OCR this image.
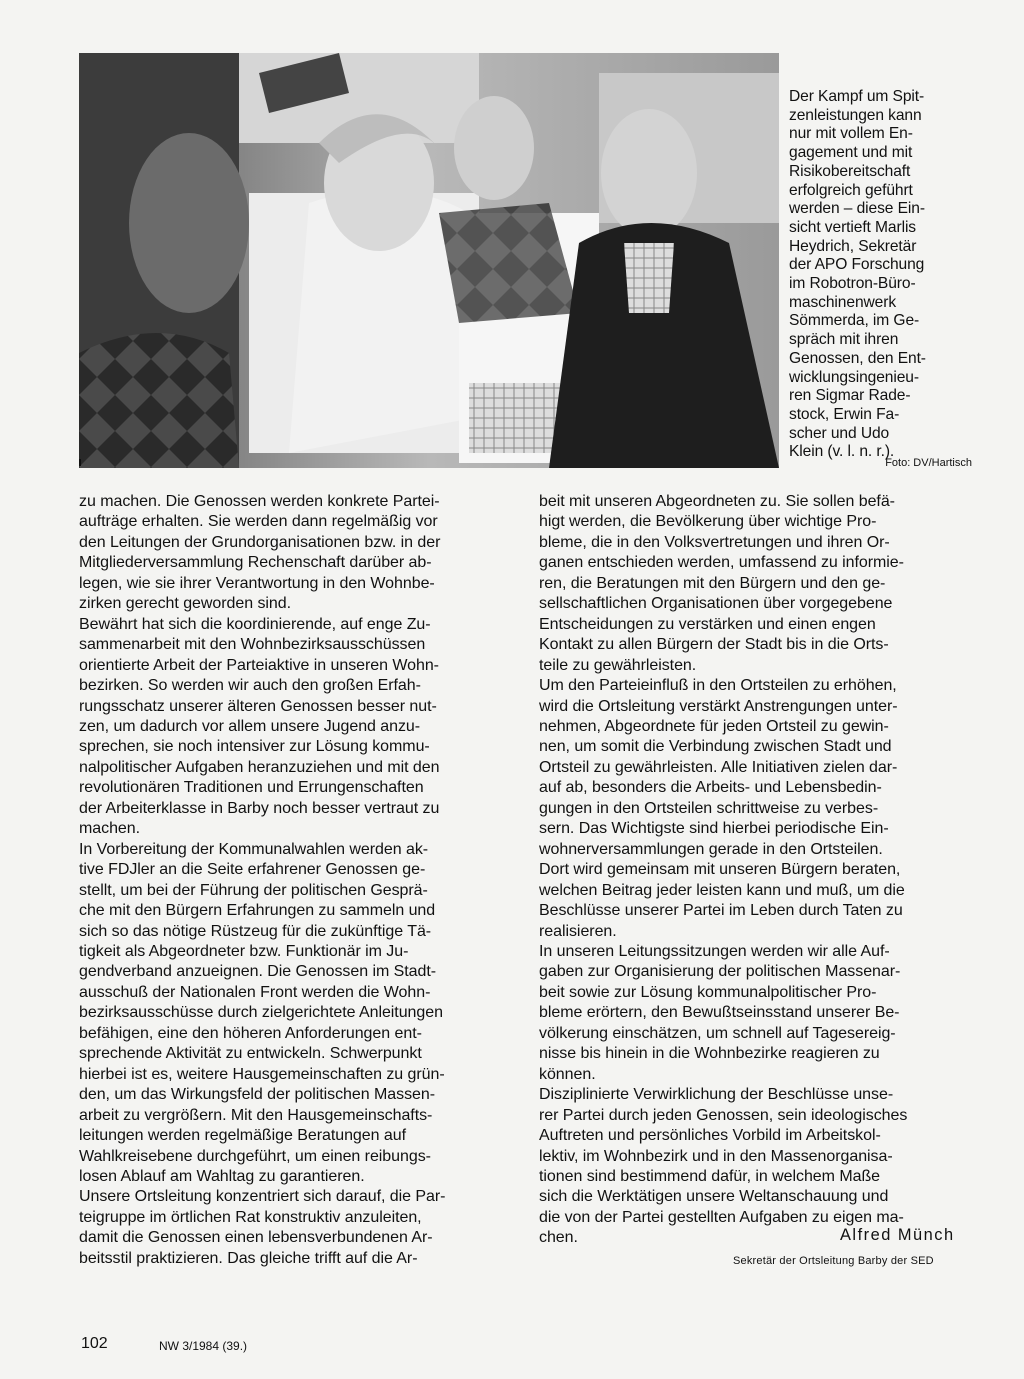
Der Kampf um Spit-
zenleistungen kann
nur mit vollem En-
gagement und mit
Risikobereitschaft
erfolgreich geführt
werden – diese Ein-
sicht vertieft Marlis
Heydrich, Sekretär
der APO Forschung
im Robotron-Büro-
maschinenwerk
Sömmerda, im Ge-
spräch mit ihren
Genossen, den Ent-
wicklungsingenieu-
ren Sigmar Rade-
stock, Erwin Fa-
scher und Udo
Klein (v. l. n. r.).
Foto: DV/Hartisch
zu machen. Die Genossen werden konkrete Partei-
aufträge erhalten. Sie werden dann regelmäßig vor
den Leitungen der Grundorganisationen bzw. in der
Mitgliederversammlung Rechenschaft darüber ab-
legen, wie sie ihrer Verantwortung in den Wohnbe-
zirken gerecht geworden sind.
Bewährt hat sich die koordinierende, auf enge Zu-
sammenarbeit mit den Wohnbezirksausschüssen
orientierte Arbeit der Parteiaktive in unseren Wohn-
bezirken. So werden wir auch den großen Erfah-
rungsschatz unserer älteren Genossen besser nut-
zen, um dadurch vor allem unsere Jugend anzu-
sprechen, sie noch intensiver zur Lösung kommu-
nalpolitischer Aufgaben heranzuziehen und mit den
revolutionären Traditionen und Errungenschaften
der Arbeiterklasse in Barby noch besser vertraut zu
machen.
In Vorbereitung der Kommunalwahlen werden ak-
tive FDJler an die Seite erfahrener Genossen ge-
stellt, um bei der Führung der politischen Gesprä-
che mit den Bürgern Erfahrungen zu sammeln und
sich so das nötige Rüstzeug für die zukünftige Tä-
tigkeit als Abgeordneter bzw. Funktionär im Ju-
gendverband anzueignen. Die Genossen im Stadt-
ausschuß der Nationalen Front werden die Wohn-
bezirksausschüsse durch zielgerichtete Anleitungen
befähigen, eine den höheren Anforderungen ent-
sprechende Aktivität zu entwickeln. Schwerpunkt
hierbei ist es, weitere Hausgemeinschaften zu grün-
den, um das Wirkungsfeld der politischen Massen-
arbeit zu vergrößern. Mit den Hausgemeinschafts-
leitungen werden regelmäßige Beratungen auf
Wahlkreisebene durchgeführt, um einen reibungs-
losen Ablauf am Wahltag zu garantieren.
Unsere Ortsleitung konzentriert sich darauf, die Par-
teigruppe im örtlichen Rat konstruktiv anzuleiten,
damit die Genossen einen lebensverbundenen Ar-
beitsstil praktizieren. Das gleiche trifft auf die Ar-
beit mit unseren Abgeordneten zu. Sie sollen befä-
higt werden, die Bevölkerung über wichtige Pro-
bleme, die in den Volksvertretungen und ihren Or-
ganen entschieden werden, umfassend zu informie-
ren, die Beratungen mit den Bürgern und den ge-
sellschaftlichen Organisationen über vorgegebene
Entscheidungen zu verstärken und einen engen
Kontakt zu allen Bürgern der Stadt bis in die Orts-
teile zu gewährleisten.
Um den Parteieinfluß in den Ortsteilen zu erhöhen,
wird die Ortsleitung verstärkt Anstrengungen unter-
nehmen, Abgeordnete für jeden Ortsteil zu gewin-
nen, um somit die Verbindung zwischen Stadt und
Ortsteil zu gewährleisten. Alle Initiativen zielen dar-
auf ab, besonders die Arbeits- und Lebensbedin-
gungen in den Ortsteilen schrittweise zu verbes-
sern. Das Wichtigste sind hierbei periodische Ein-
wohnerversammlungen gerade in den Ortsteilen.
Dort wird gemeinsam mit unseren Bürgern beraten,
welchen Beitrag jeder leisten kann und muß, um die
Beschlüsse unserer Partei im Leben durch Taten zu
realisieren.
In unseren Leitungssitzungen werden wir alle Auf-
gaben zur Organisierung der politischen Massenar-
beit sowie zur Lösung kommunalpolitischer Pro-
bleme erörtern, den Bewußtseinsstand unserer Be-
völkerung einschätzen, um schnell auf Tagesereig-
nisse bis hinein in die Wohnbezirke reagieren zu
können.
Disziplinierte Verwirklichung der Beschlüsse unse-
rer Partei durch jeden Genossen, sein ideologisches
Auftreten und persönliches Vorbild im Arbeitskol-
lektiv, im Wohnbezirk und in den Massenorganisa-
tionen sind bestimmend dafür, in welchem Maße
sich die Werktätigen unsere Weltanschauung und
die von der Partei gestellten Aufgaben zu eigen ma-
chen.	Alfred Münch
Sekretär der Ortsleitung Barby der SED
102	NW 3/1984 (39.)
